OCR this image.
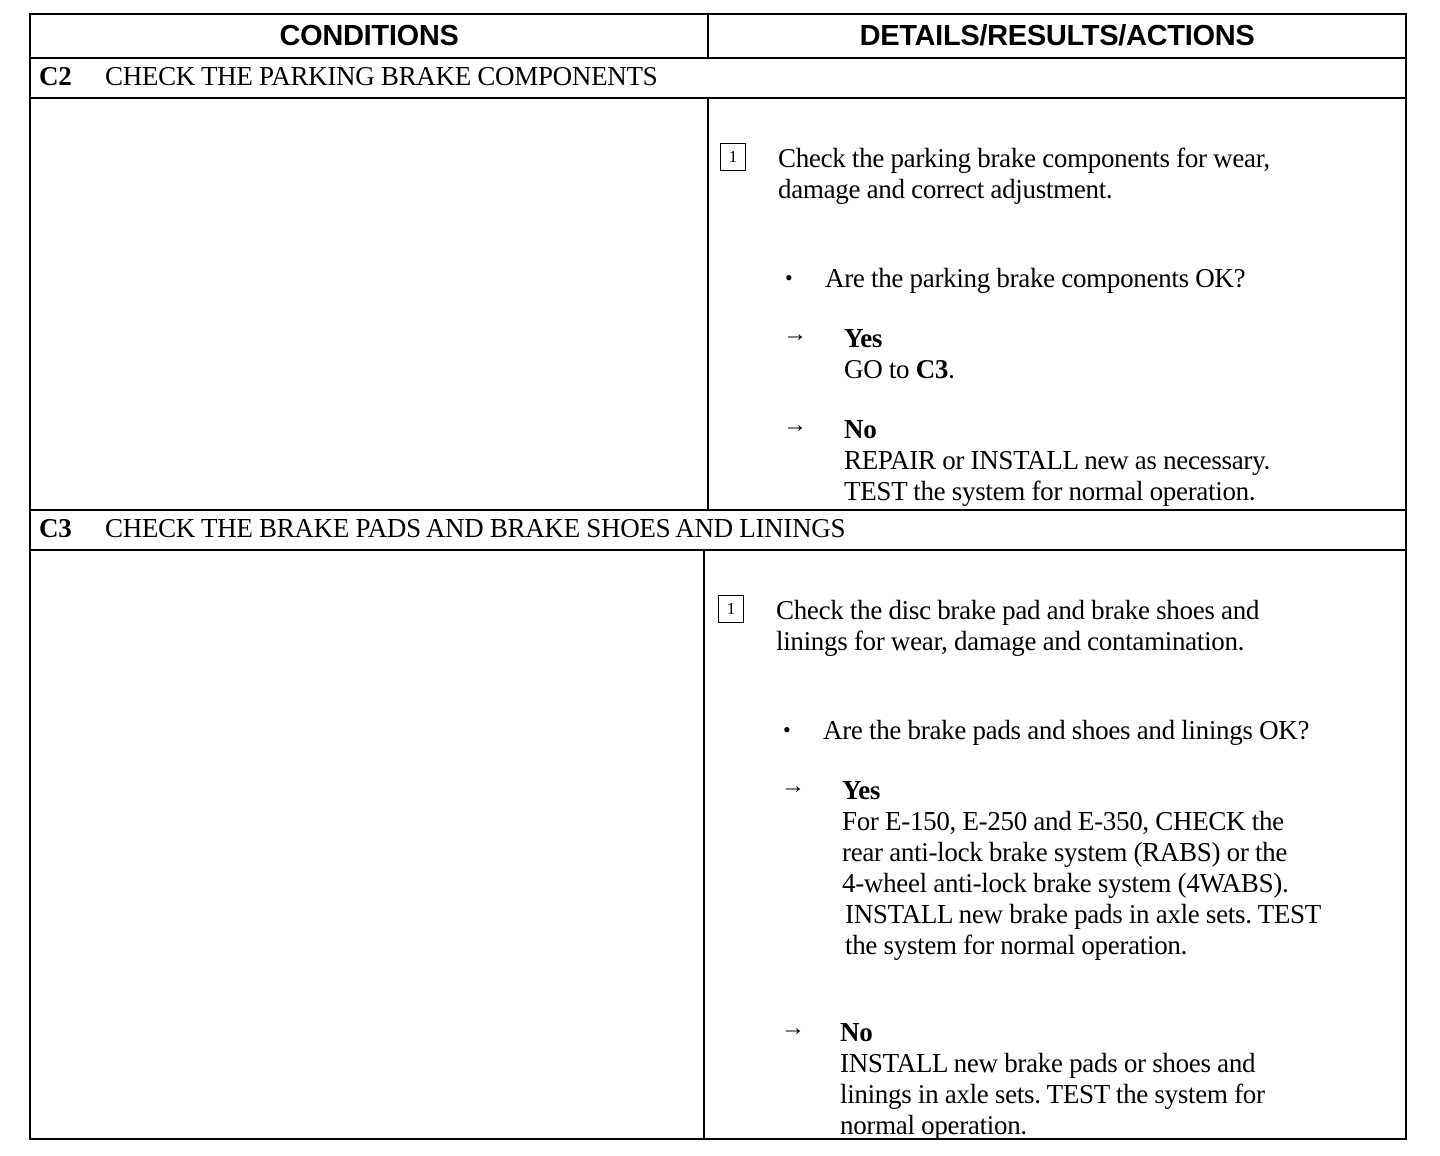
CONDITIONS	DETAILS/RESULTS/ACTIONS
C2 CHECK THE PARKING BRAKE COMPONENTS
1	Check the parking brake components for wear,
damage and correct adjustment.
• Are the parking brake components OK?
→ Yes
GO to C3.
→ No
REPAIR or INSTALL new as necessary.
TEST the system for normal operation.
C3 CHECK THE BRAKE PADS AND BRAKE SHOES AND LININGS
1	Check the disc brake pad and brake shoes and
linings for wear, damage and contamination.
• Are the brake pads and shoes and linings OK?
→ Yes
For E-150, E-250 and E-350, CHECK the
rear anti-lock brake system (RABS) or the
4-wheel anti-lock brake system (4WABS).
INSTALL new brake pads in axle sets. TEST
the system for normal operation.
→ No
INSTALL new brake pads or shoes and
linings in axle sets. TEST the system for
normal operation.
